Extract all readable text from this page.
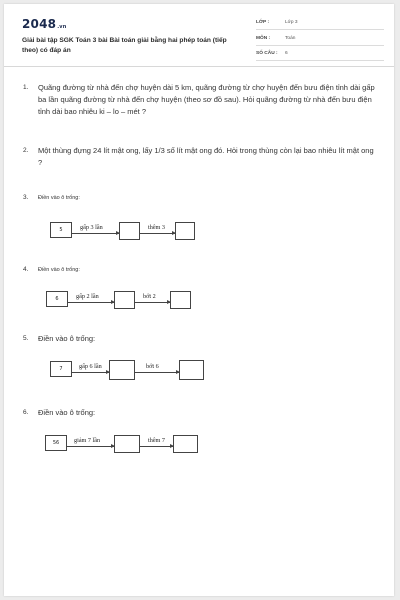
2048.vn
Giải bài tập SGK Toán 3 bài Bài toán giải bằng hai phép toán (tiếp theo) có đáp án
LỚP :	Lớp 3
MÔN :	Toán
SỐ CÂU : 6
1. Quãng đường từ nhà đến chợ huyện dài 5 km, quãng đường từ chợ huyện đến bưu điện tỉnh dài gấp ba lần quãng đường từ nhà đến chợ huyện (theo sơ đồ sau). Hỏi quãng đường từ nhà đến bưu điện tỉnh dài bao nhiêu ki – lo – mét ?
2. Một thùng đựng 24 lít mật ong, lấy 1/3 số lít mật ong đó. Hỏi trong thùng còn lại bao nhiêu lít mật ong ?
3. Điền vào ô trống:
5	gấp 3 lần	thêm 3
4. Điền vào ô trống:
6	gấp 2 lần	bớt 2
5. Điền vào ô trống:
7	gấp 6 lần	bớt 6
6. Điền vào ô trống:
56	giảm 7 lần	thêm 7
